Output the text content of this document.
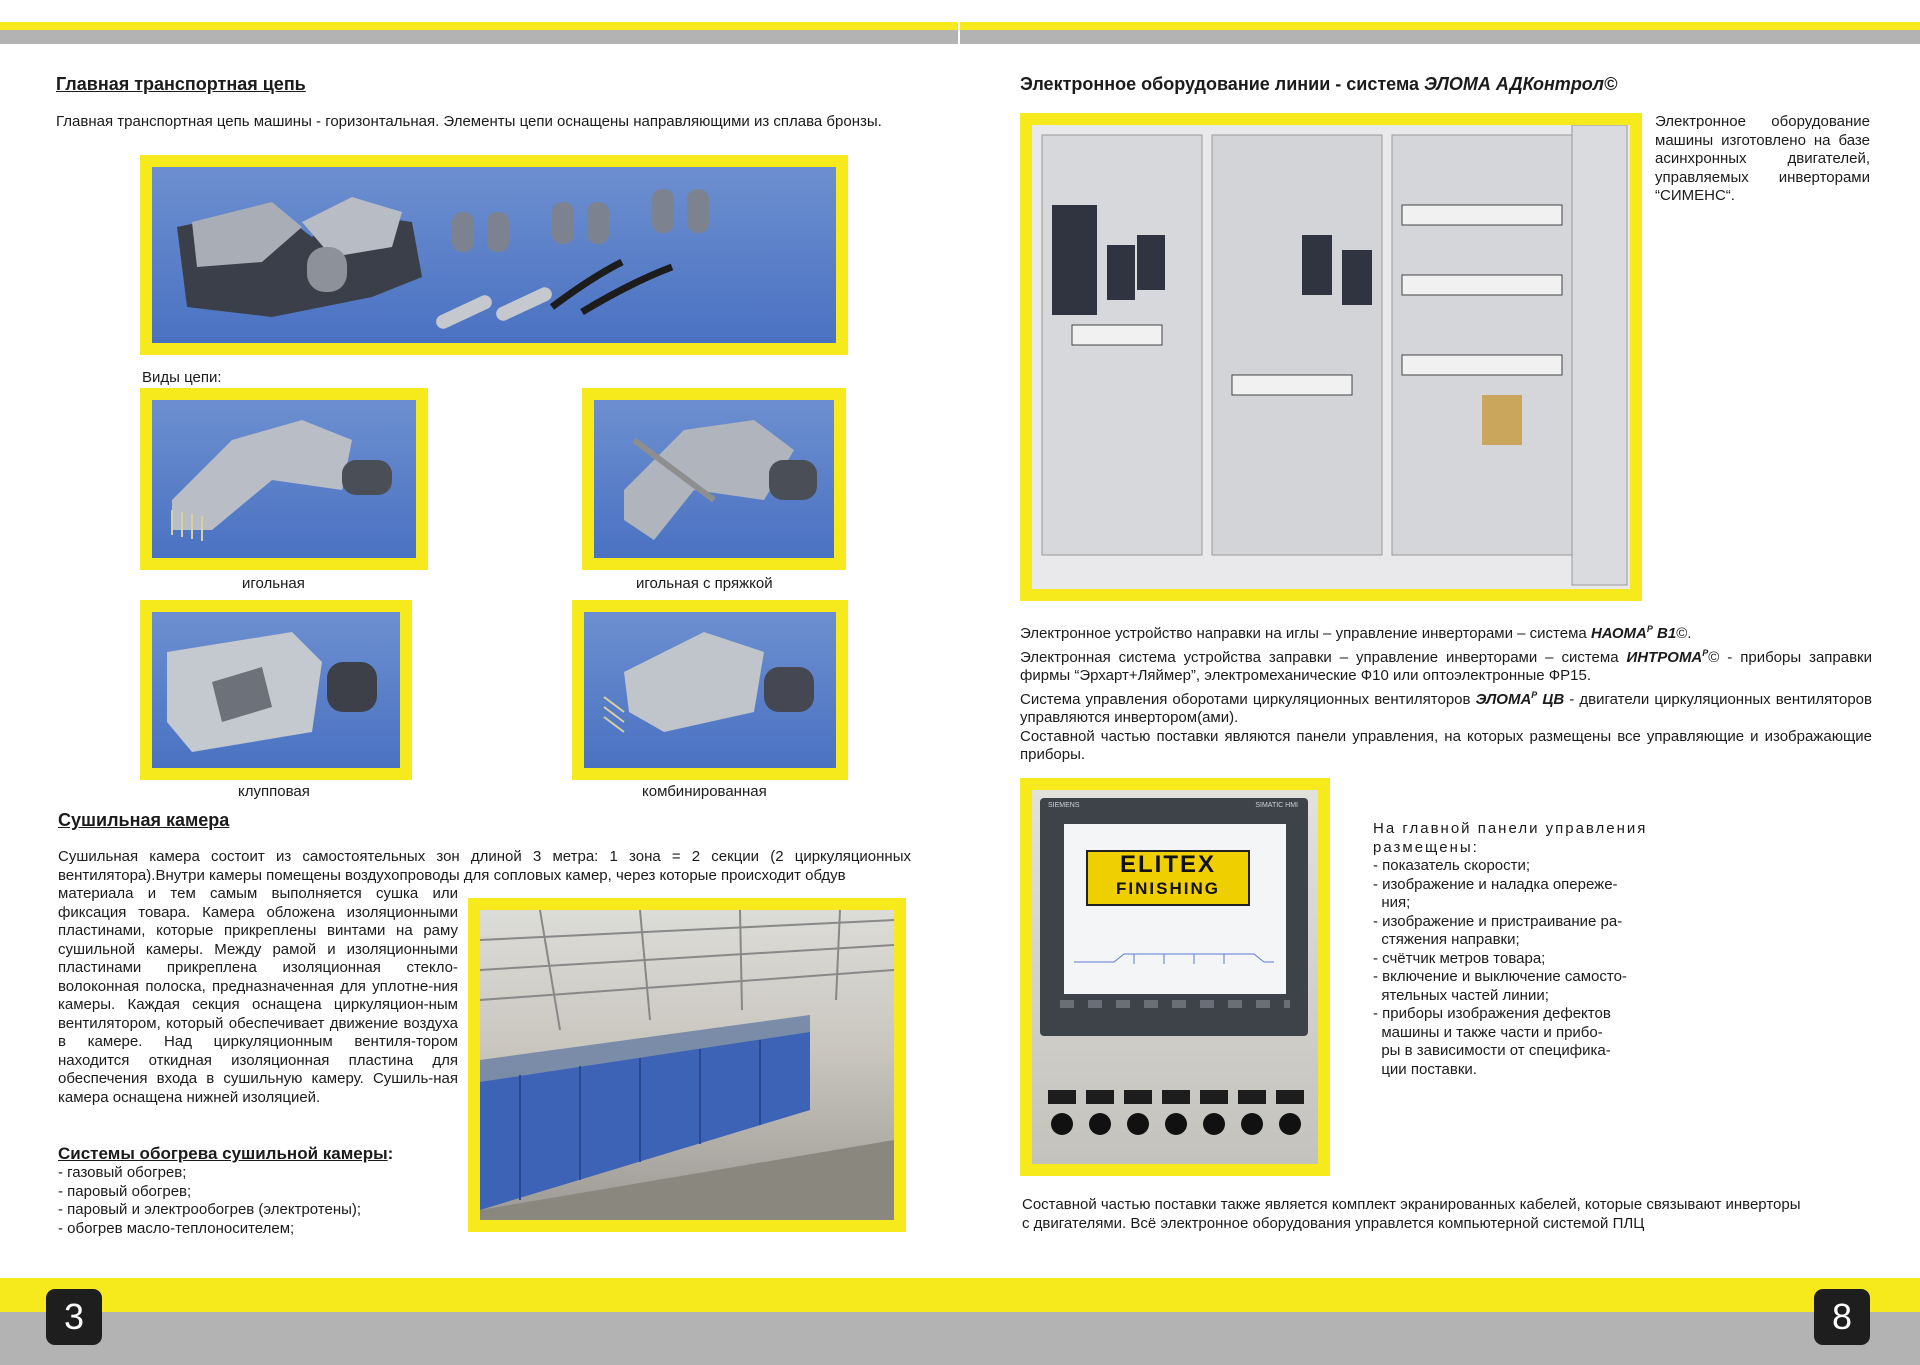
3	8
Главная транспортная цепь

Главная транспортная цепь машины - горизонтальная. Элементы цепи оснащены направляющими из сплава бронзы.

Виды цепи:
игольная	игольная с пряжкой
клупповая	комбинированная
Сушильная камера

Сушильная камера состоит из самостоятельных зон длиной 3 метра: 1 зона = 2 секции (2 циркуляционных вентилятора).Внутри камеры помещены воздухопроводы для сопловых камер, через которые происходит обдув

материала и тем самым выполняется сушка или фиксация товара. Камера обложена изоляционными пластинами, которые прикреплены винтами на раму сушильной камеры. Между рамой и изоляционными пластинами прикреплена изоляционная стекло-волоконная полоска, предназначенная для уплотне-ния камеры. Каждая секция оснащена циркуляцион-ным вентилятором, который обеспечивает движение воздуха в камере. Над циркуляционным вентиля-тором находится откидная изоляционная пластина для обеспечения входа в сушильную камеру. Сушиль-ная камера оснащена нижней изоляцией.

Системы обогрева сушильной камеры:
- газовый обогрев;
- паровый обогрев;
- паровый и электрообогрев (электротены);
- обогрев масло-теплоносителем;
Электронное оборудование линии - система ЭЛОМА АДКонтрол©

Электронное оборудование машины изготовлено на базе асинхронных двигателей, управляемых инверторами “СИМЕНС“.

Электронное устройство направки на иглы – управление инверторами – система $НАОМА^Р$ В1©.

Электронная система устройства заправки – управление инверторами – система $ИНТРОМА^Р©$ - приборы заправки фирмы “Эрхарт+Ляймер”, электромеханические Ф10 или оптоэлектронные ФР15.

Система управления оборотами циркуляционных вентиляторов $ЭЛОМА^Р$ ЦВ - двигатели циркуляционных вентиляторов управляются инвертором(ами).

Составной частью поставки являются панели управления, на которых размещены все управляющие и изображающие приборы.

SIEMENS	SIMATIC HMI
ELITEX
FINISHING

На главной панели управления размещены:

- показатель скорости;
- изображение и наладка опереже-
ния;
- изображение и пристраивание ра-
стяжения направки;
- счётчик метров товара;
- включение и выключение самосто-
ятельных частей линии;
- приборы изображения дефектов
машины и также части и прибо-
ры в зависимости от специфика-
ции поставки.

Составной частью поставки также является комплект экранированных кабелей, которые связывают инверторы с двигателями. Всё электронное оборудования управлется компьютерной системой ПЛЦ
